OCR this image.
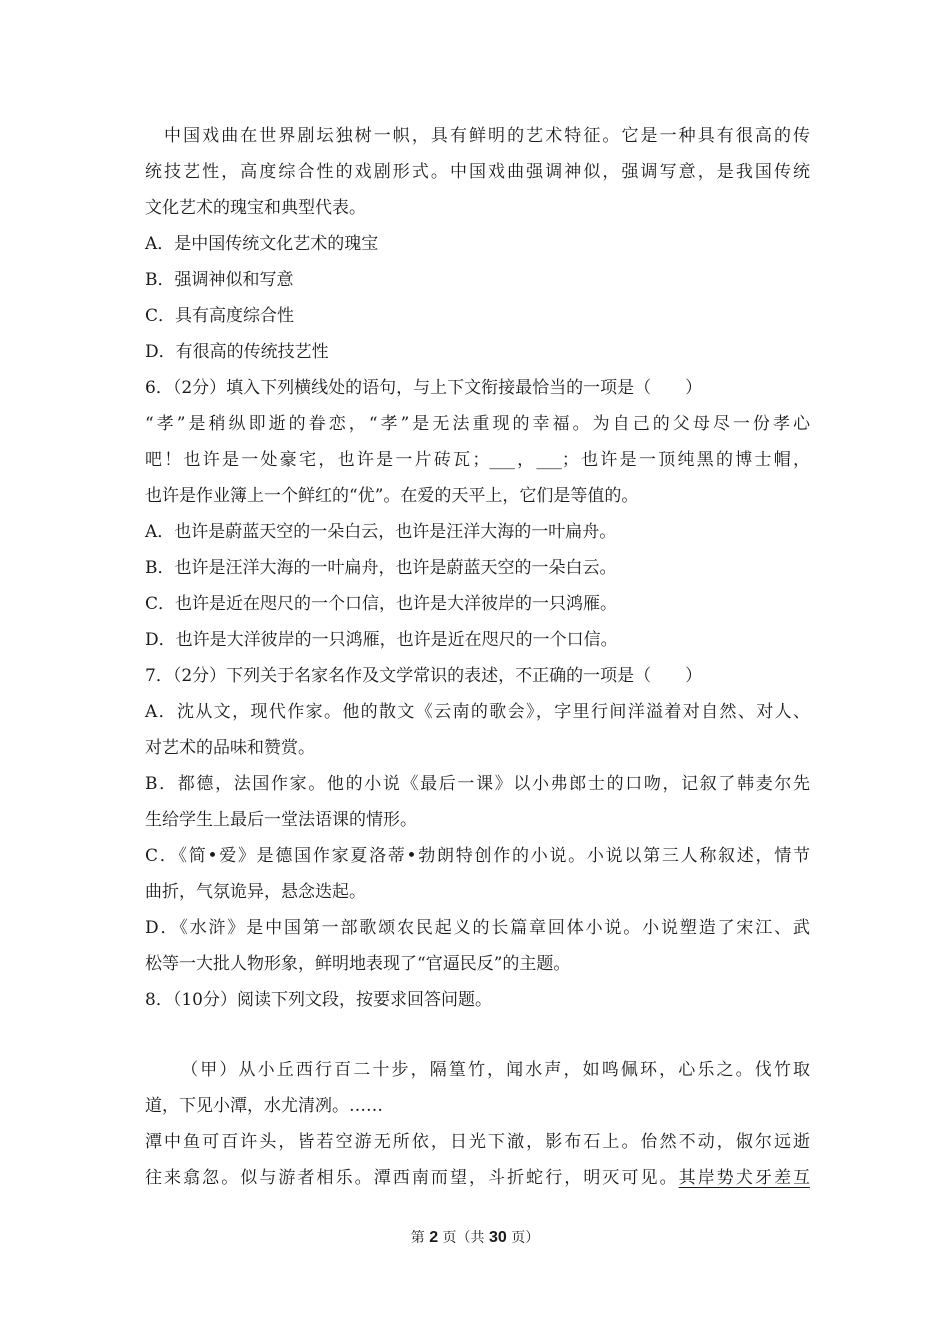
中国戏曲在世界剧坛独树一帜，具有鲜明的艺术特征。它是一种具有很高的传
统技艺性，高度综合性的戏剧形式。中国戏曲强调神似，强调写意，是我国传统
文化艺术的瑰宝和典型代表。
A．是中国传统文化艺术的瑰宝
B．强调神似和写意
C．具有高度综合性
D．有很高的传统技艺性
6．（2分）填入下列横线处的语句，与上下文衔接最恰当的一项是（　　）
“孝”是稍纵即逝的眷恋，“孝”是无法重现的幸福。为自己的父母尽一份孝心
吧！也许是一处豪宅，也许是一片砖瓦；___，___；也许是一顶纯黑的博士帽，
也许是作业簿上一个鲜红的“优”。在爱的天平上，它们是等值的。
A．也许是蔚蓝天空的一朵白云，也许是汪洋大海的一叶扁舟。
B．也许是汪洋大海的一叶扁舟，也许是蔚蓝天空的一朵白云。
C．也许是近在咫尺的一个口信，也许是大洋彼岸的一只鸿雁。
D．也许是大洋彼岸的一只鸿雁，也许是近在咫尺的一个口信。
7．（2分）下列关于名家名作及文学常识的表述，不正确的一项是（　　）
A．沈从文，现代作家。他的散文《云南的歌会》，字里行间洋溢着对自然、对人、
对艺术的品味和赞赏。
B．都德，法国作家。他的小说《最后一课》以小弗郎士的口吻，记叙了韩麦尔先
生给学生上最后一堂法语课的情形。
C．《简•爱》是德国作家夏洛蒂•勃朗特创作的小说。小说以第三人称叙述，情节
曲折，气氛诡异，悬念迭起。
D．《水浒》是中国第一部歌颂农民起义的长篇章回体小说。小说塑造了宋江、武
松等一大批人物形象，鲜明地表现了“官逼民反”的主题。
8．（10分）阅读下列文段，按要求回答问题。
（甲）从小丘西行百二十步，隔篁竹，闻水声，如鸣佩环，心乐之。伐竹取
道，下见小潭，水尤清冽。……
潭中鱼可百许头，皆若空游无所依，日光下澈，影布石上。佁然不动，俶尔远逝
往来翕忽。似与游者相乐。潭西南而望，斗折蛇行，明灭可见。其岸势犬牙差互
第 2 页（共 30 页）
